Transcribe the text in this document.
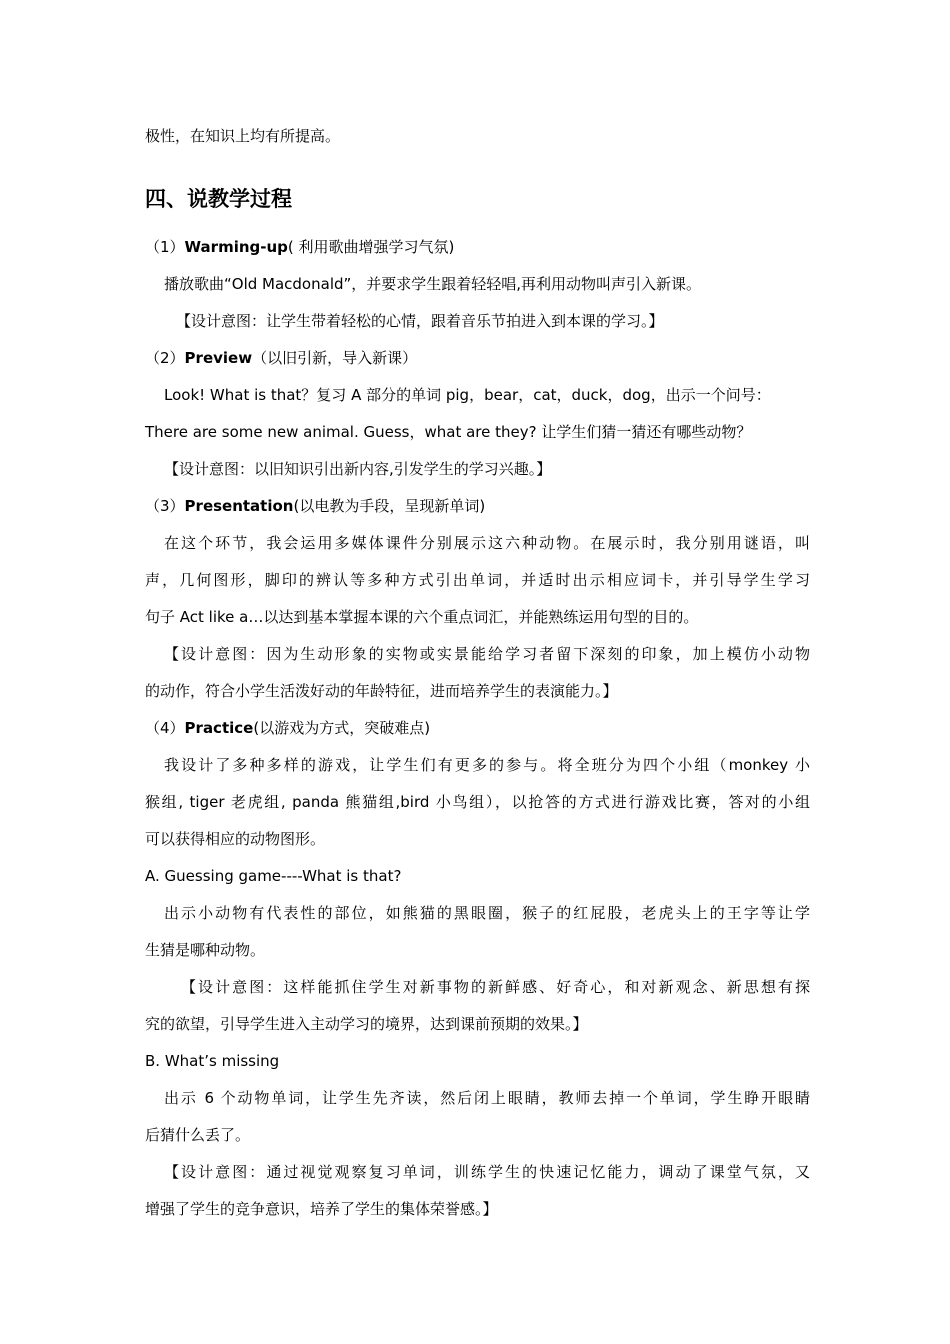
极性，在知识上均有所提高。
四、说教学过程
（1）Warming-up( 利用歌曲增强学习气氛)
播放歌曲“Old Macdonald”，并要求学生跟着轻轻唱,再利用动物叫声引入新课。
【设计意图：让学生带着轻松的心情，跟着音乐节拍进入到本课的学习。】
（2）Preview（以旧引新，导入新课）
Look! What is that？复习 A 部分的单词 pig，bear，cat，duck，dog，出示一个问号：
There are some new animal. Guess，what are they? 让学生们猜一猜还有哪些动物？
【设计意图：以旧知识引出新内容,引发学生的学习兴趣。】
（3）Presentation(以电教为手段，呈现新单词)
在这个环节，我会运用多媒体课件分别展示这六种动物。在展示时，我分别用谜语，叫
声，几何图形，脚印的辨认等多种方式引出单词，并适时出示相应词卡，并引导学生学习
句子 Act like a…以达到基本掌握本课的六个重点词汇，并能熟练运用句型的目的。
【设计意图：因为生动形象的实物或实景能给学习者留下深刻的印象，加上模仿小动物
的动作，符合小学生活泼好动的年龄特征，进而培养学生的表演能力。】
（4）Practice(以游戏为方式，突破难点)
我设计了多种多样的游戏，让学生们有更多的参与。将全班分为四个小组（monkey 小
猴组, tiger 老虎组, panda 熊猫组,bird 小鸟组），以抢答的方式进行游戏比赛，答对的小组
可以获得相应的动物图形。
A. Guessing game----What is that?
出示小动物有代表性的部位，如熊猫的黑眼圈，猴子的红屁股，老虎头上的王字等让学
生猜是哪种动物。
【设计意图：这样能抓住学生对新事物的新鲜感、好奇心，和对新观念、新思想有探
究的欲望，引导学生进入主动学习的境界，达到课前预期的效果。】
B. What’s missing
出示 6 个动物单词，让学生先齐读，然后闭上眼睛，教师去掉一个单词，学生睁开眼睛
后猜什么丢了。
【设计意图：通过视觉观察复习单词，训练学生的快速记忆能力，调动了课堂气氛，又
增强了学生的竞争意识，培养了学生的集体荣誉感。】
